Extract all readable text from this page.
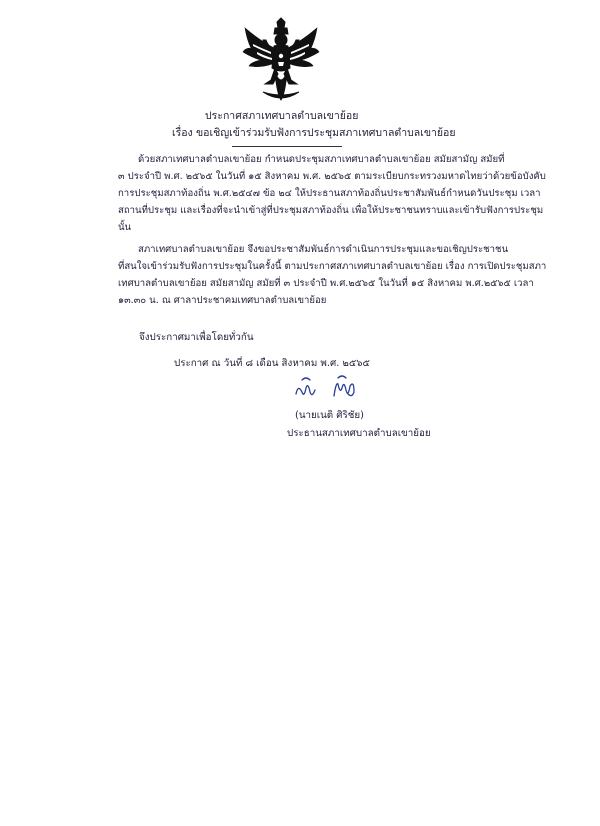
ประกาศสภาเทศบาลตำบลเขาย้อย
เรื่อง ขอเชิญเข้าร่วมรับฟังการประชุมสภาเทศบาลตำบลเขาย้อย
ด้วยสภาเทศบาลตำบลเขาย้อย กำหนดประชุมสภาเทศบาลตำบลเขาย้อย สมัยสามัญ สมัยที่
๓ ประจำปี พ.ศ. ๒๕๖๕ ในวันที่ ๑๕ สิงหาคม พ.ศ. ๒๕๖๕ ตามระเบียบกระทรวงมหาดไทยว่าด้วยข้อบังคับ
การประชุมสภาท้องถิ่น พ.ศ.๒๕๔๗ ข้อ ๒๔ ให้ประธานสภาท้องถิ่นประชาสัมพันธ์กำหนดวันประชุม เวลา
สถานที่ประชุม และเรื่องที่จะนำเข้าสู่ที่ประชุมสภาท้องถิ่น เพื่อให้ประชาชนทราบและเข้ารับฟังการประชุม
นั้น
สภาเทศบาลตำบลเขาย้อย จึงขอประชาสัมพันธ์การดำเนินการประชุมและขอเชิญประชาชน
ที่สนใจเข้าร่วมรับฟังการประชุมในครั้งนี้ ตามประกาศสภาเทศบาลตำบลเขาย้อย เรื่อง การเปิดประชุมสภา
เทศบาลตำบลเขาย้อย สมัยสามัญ สมัยที่ ๓ ประจำปี พ.ศ.๒๕๖๕ ในวันที่ ๑๕ สิงหาคม พ.ศ.๒๕๖๕ เวลา
๑๓.๓๐ น. ณ ศาลาประชาคมเทศบาลตำบลเขาย้อย
จึงประกาศมาเพื่อโดยทั่วกัน
ประกาศ ณ วันที่ ๘ เดือน สิงหาคม พ.ศ. ๒๕๖๕
(นายเนติ ศิริชัย)
ประธานสภาเทศบาลตำบลเขาย้อย
